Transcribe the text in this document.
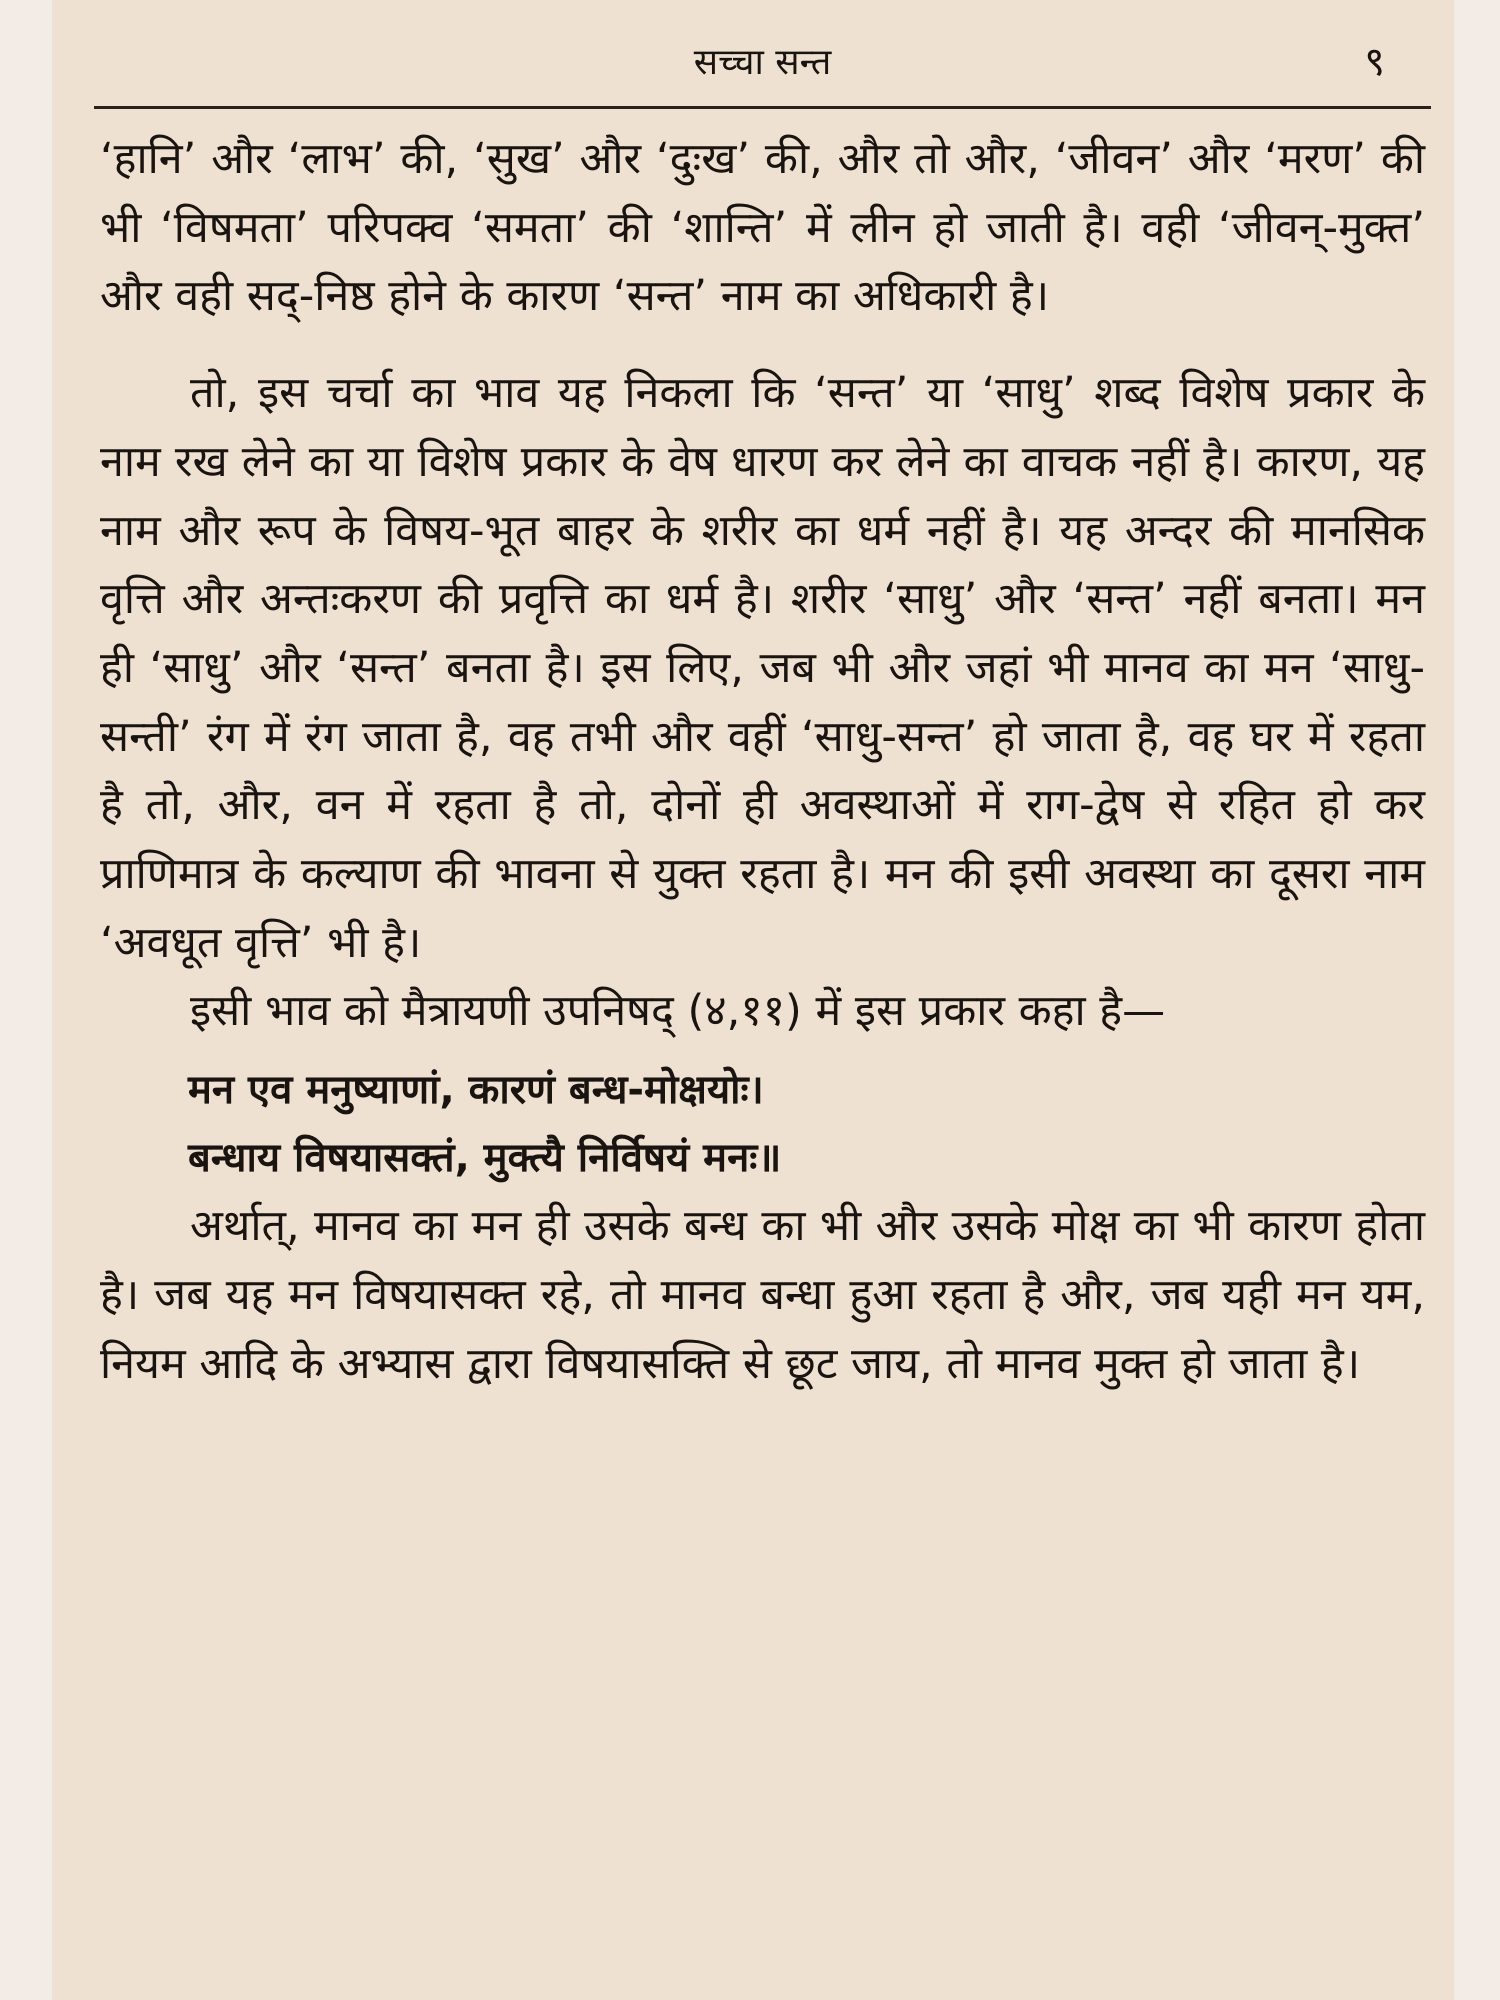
सच्चा सन्त	९

‘हानि’ और ‘लाभ’ की, ‘सुख’ और ‘दुःख’ की, और तो और, ‘जीवन’ और ‘मरण’ की भी ‘विषमता’ परिपक्व ‘समता’ की ‘शान्ति’ में लीन हो जाती है। वही ‘जीवन्-मुक्त’ और वही सद्-निष्ठ होने के कारण ‘सन्त’ नाम का अधिकारी है।

तो, इस चर्चा का भाव यह निकला कि ‘सन्त’ या ‘साधु’ शब्द विशेष प्रकार के नाम रख लेने का या विशेष प्रकार के वेष धारण कर लेने का वाचक नहीं है। कारण, यह नाम और रूप के विषय-भूत बाहर के शरीर का धर्म नहीं है। यह अन्दर की मानसिक वृत्ति और अन्तःकरण की प्रवृत्ति का धर्म है। शरीर ‘साधु’ और ‘सन्त’ नहीं बनता। मन ही ‘साधु’ और ‘सन्त’ बनता है। इस लिए, जब भी और जहां भी मानव का मन ‘साधु-सन्ती’ रंग में रंग जाता है, वह तभी और वहीं ‘साधु-सन्त’ हो जाता है, वह घर में रहता है तो, और, वन में रहता है तो, दोनों ही अवस्थाओं में राग-द्वेष से रहित हो कर प्राणिमात्र के कल्याण की भावना से युक्त रहता है। मन की इसी अवस्था का दूसरा नाम ‘अवधूत वृत्ति’ भी है।

इसी भाव को मैत्रायणी उपनिषद् (४,११) में इस प्रकार कहा है—

मन एव मनुष्याणां, कारणं बन्ध-मोक्षयोः।
बन्धाय विषयासक्तं, मुक्त्यै निर्विषयं मनः॥

अर्थात्, मानव का मन ही उसके बन्ध का भी और उसके मोक्ष का भी कारण होता है। जब यह मन विषयासक्त रहे, तो मानव बन्धा हुआ रहता है और, जब यही मन यम, नियम आदि के अभ्यास द्वारा विषयासक्ति से छूट जाय, तो मानव मुक्त हो जाता है।
